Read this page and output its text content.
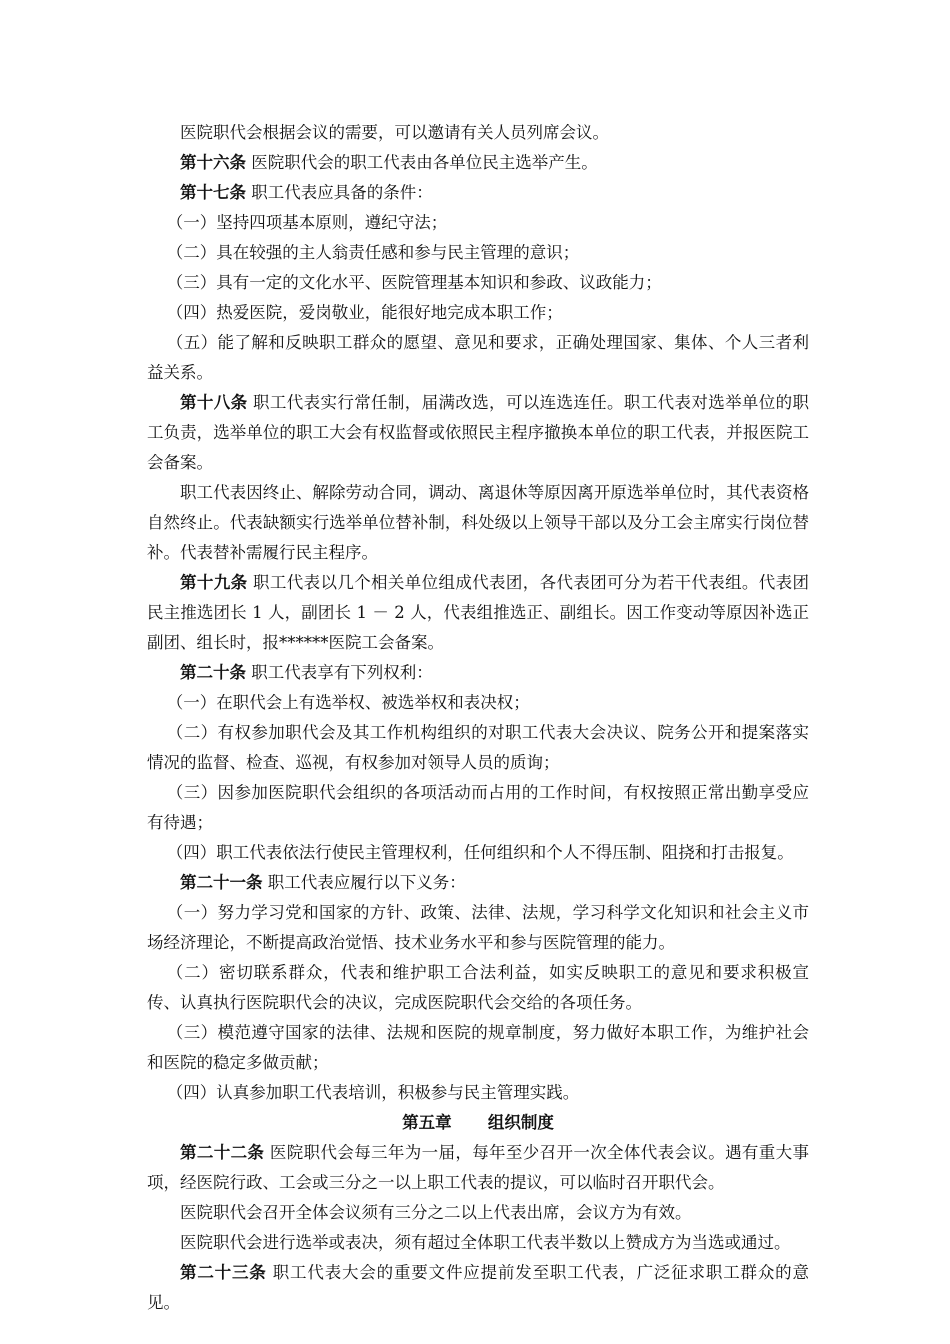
医院职代会根据会议的需要，可以邀请有关人员列席会议。

第十六条 医院职代会的职工代表由各单位民主选举产生。

第十七条 职工代表应具备的条件：

（一）坚持四项基本原则，遵纪守法；

（二）具在较强的主人翁责任感和参与民主管理的意识；

（三）具有一定的文化水平、医院管理基本知识和参政、议政能力；

（四）热爱医院，爱岗敬业，能很好地完成本职工作；

（五）能了解和反映职工群众的愿望、意见和要求，正确处理国家、集体、个人三者利益关系。

第十八条 职工代表实行常任制，届满改选，可以连选连任。职工代表对选举单位的职工负责，选举单位的职工大会有权监督或依照民主程序撤换本单位的职工代表，并报医院工会备案。

职工代表因终止、解除劳动合同，调动、离退休等原因离开原选举单位时，其代表资格自然终止。代表缺额实行选举单位替补制，科处级以上领导干部以及分工会主席实行岗位替补。代表替补需履行民主程序。

第十九条 职工代表以几个相关单位组成代表团，各代表团可分为若干代表组。代表团民主推选团长 1 人，副团长 1 － 2 人，代表组推选正、副组长。因工作变动等原因补选正副团、组长时，报******医院工会备案。

第二十条 职工代表享有下列权利：

（一）在职代会上有选举权、被选举权和表决权；

（二）有权参加职代会及其工作机构组织的对职工代表大会决议、院务公开和提案落实情况的监督、检查、巡视，有权参加对领导人员的质询；

（三）因参加医院职代会组织的各项活动而占用的工作时间，有权按照正常出勤享受应有待遇；

（四）职工代表依法行使民主管理权利，任何组织和个人不得压制、阻挠和打击报复。

第二十一条 职工代表应履行以下义务：

（一）努力学习党和国家的方针、政策、法律、法规，学习科学文化知识和社会主义市场经济理论，不断提高政治觉悟、技术业务水平和参与医院管理的能力。

（二）密切联系群众，代表和维护职工合法利益，如实反映职工的意见和要求积极宣传、认真执行医院职代会的决议，完成医院职代会交给的各项任务。

（三）模范遵守国家的法律、法规和医院的规章制度，努力做好本职工作，为维护社会和医院的稳定多做贡献；

（四）认真参加职工代表培训，积极参与民主管理实践。

第五章 组织制度

第二十二条 医院职代会每三年为一届，每年至少召开一次全体代表会议。遇有重大事项，经医院行政、工会或三分之一以上职工代表的提议，可以临时召开职代会。

医院职代会召开全体会议须有三分之二以上代表出席，会议方为有效。

医院职代会进行选举或表决，须有超过全体职工代表半数以上赞成方为当选或通过。

第二十三条 职工代表大会的重要文件应提前发至职工代表，广泛征求职工群众的意见。
